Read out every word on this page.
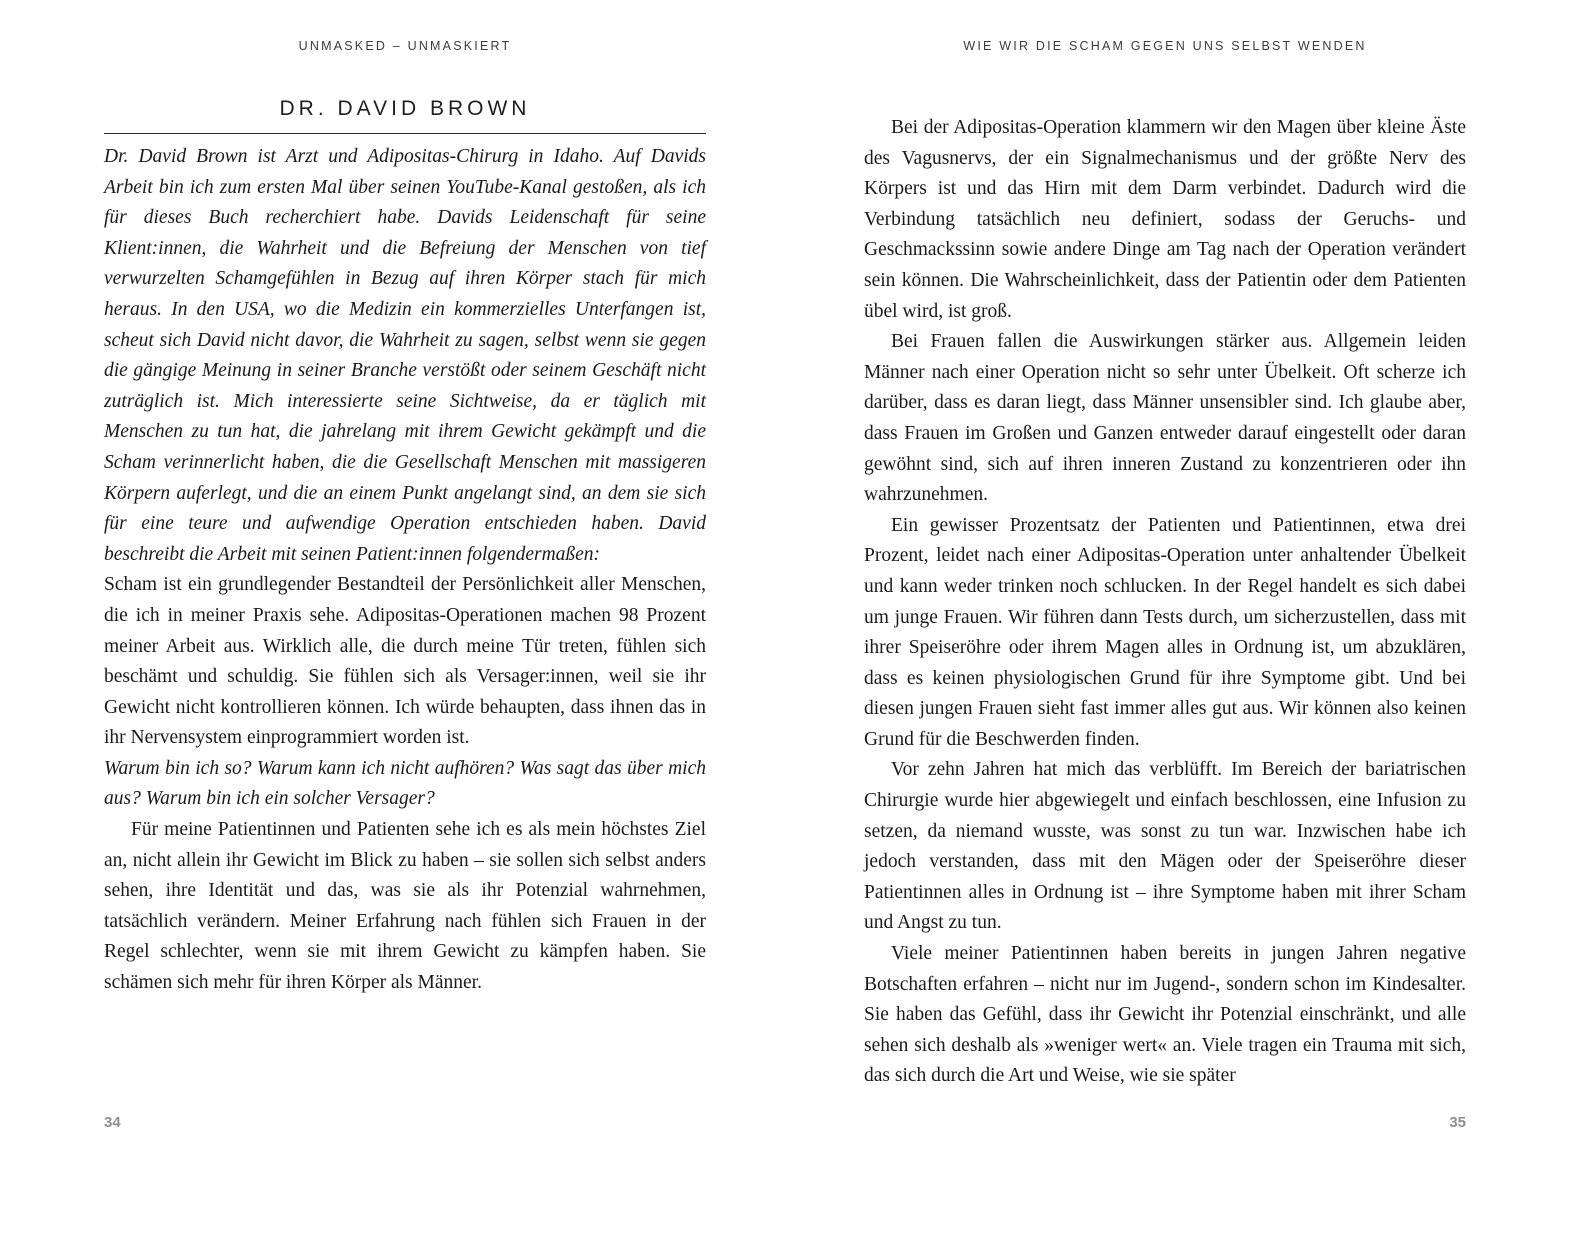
UNMASKED – UNMASKIERT
DR. DAVID BROWN

Dr. David Brown ist Arzt und Adipositas-Chirurg in Idaho. Auf Davids Arbeit bin ich zum ersten Mal über seinen YouTube-Kanal gestoßen, als ich für dieses Buch recherchiert habe. Davids Leidenschaft für seine Klient:innen, die Wahrheit und die Befreiung der Menschen von tief verwurzelten Schamgefühlen in Bezug auf ihren Körper stach für mich heraus. In den USA, wo die Medizin ein kommerzielles Unterfangen ist, scheut sich David nicht davor, die Wahrheit zu sagen, selbst wenn sie gegen die gängige Meinung in seiner Branche verstößt oder seinem Geschäft nicht zuträglich ist. Mich interessierte seine Sichtweise, da er täglich mit Menschen zu tun hat, die jahrelang mit ihrem Gewicht gekämpft und die Scham verinnerlicht haben, die die Gesellschaft Menschen mit massigeren Körpern auferlegt, und die an einem Punkt angelangt sind, an dem sie sich für eine teure und aufwendige Operation entschieden haben. David beschreibt die Arbeit mit seinen Patient:innen folgendermaßen:

Scham ist ein grundlegender Bestandteil der Persönlichkeit aller Menschen, die ich in meiner Praxis sehe. Adipositas-Operationen machen 98 Prozent meiner Arbeit aus. Wirklich alle, die durch meine Tür treten, fühlen sich beschämt und schuldig. Sie fühlen sich als Versager:innen, weil sie ihr Gewicht nicht kontrollieren können. Ich würde behaupten, dass ihnen das in ihr Nervensystem einprogrammiert worden ist.

Warum bin ich so? Warum kann ich nicht aufhören? Was sagt das über mich aus? Warum bin ich ein solcher Versager?

Für meine Patientinnen und Patienten sehe ich es als mein höchstes Ziel an, nicht allein ihr Gewicht im Blick zu haben – sie sollen sich selbst anders sehen, ihre Identität und das, was sie als ihr Potenzial wahrnehmen, tatsächlich verändern. Meiner Erfahrung nach fühlen sich Frauen in der Regel schlechter, wenn sie mit ihrem Gewicht zu kämpfen haben. Sie schämen sich mehr für ihren Körper als Männer.

WIE WIR DIE SCHAM GEGEN UNS SELBST WENDEN

Bei der Adipositas-Operation klammern wir den Magen über kleine Äste des Vagusnervs, der ein Signalmechanismus und der größte Nerv des Körpers ist und das Hirn mit dem Darm verbindet. Dadurch wird die Verbindung tatsächlich neu definiert, sodass der Geruchs- und Geschmackssinn sowie andere Dinge am Tag nach der Operation verändert sein können. Die Wahrscheinlichkeit, dass der Patientin oder dem Patienten übel wird, ist groß.

Bei Frauen fallen die Auswirkungen stärker aus. Allgemein leiden Männer nach einer Operation nicht so sehr unter Übelkeit. Oft scherze ich darüber, dass es daran liegt, dass Männer unsensibler sind. Ich glaube aber, dass Frauen im Großen und Ganzen entweder darauf eingestellt oder daran gewöhnt sind, sich auf ihren inneren Zustand zu konzentrieren oder ihn wahrzunehmen.

Ein gewisser Prozentsatz der Patienten und Patientinnen, etwa drei Prozent, leidet nach einer Adipositas-Operation unter anhaltender Übelkeit und kann weder trinken noch schlucken. In der Regel handelt es sich dabei um junge Frauen. Wir führen dann Tests durch, um sicherzustellen, dass mit ihrer Speiseröhre oder ihrem Magen alles in Ordnung ist, um abzuklären, dass es keinen physiologischen Grund für ihre Symptome gibt. Und bei diesen jungen Frauen sieht fast immer alles gut aus. Wir können also keinen Grund für die Beschwerden finden.

Vor zehn Jahren hat mich das verblüfft. Im Bereich der bariatrischen Chirurgie wurde hier abgewiegelt und einfach beschlossen, eine Infusion zu setzen, da niemand wusste, was sonst zu tun war. Inzwischen habe ich jedoch verstanden, dass mit den Mägen oder der Speiseröhre dieser Patientinnen alles in Ordnung ist – ihre Symptome haben mit ihrer Scham und Angst zu tun.

Viele meiner Patientinnen haben bereits in jungen Jahren negative Botschaften erfahren – nicht nur im Jugend-, sondern schon im Kindesalter. Sie haben das Gefühl, dass ihr Gewicht ihr Potenzial einschränkt, und alle sehen sich deshalb als »weniger wert« an. Viele tragen ein Trauma mit sich, das sich durch die Art und Weise, wie sie später

34	35
